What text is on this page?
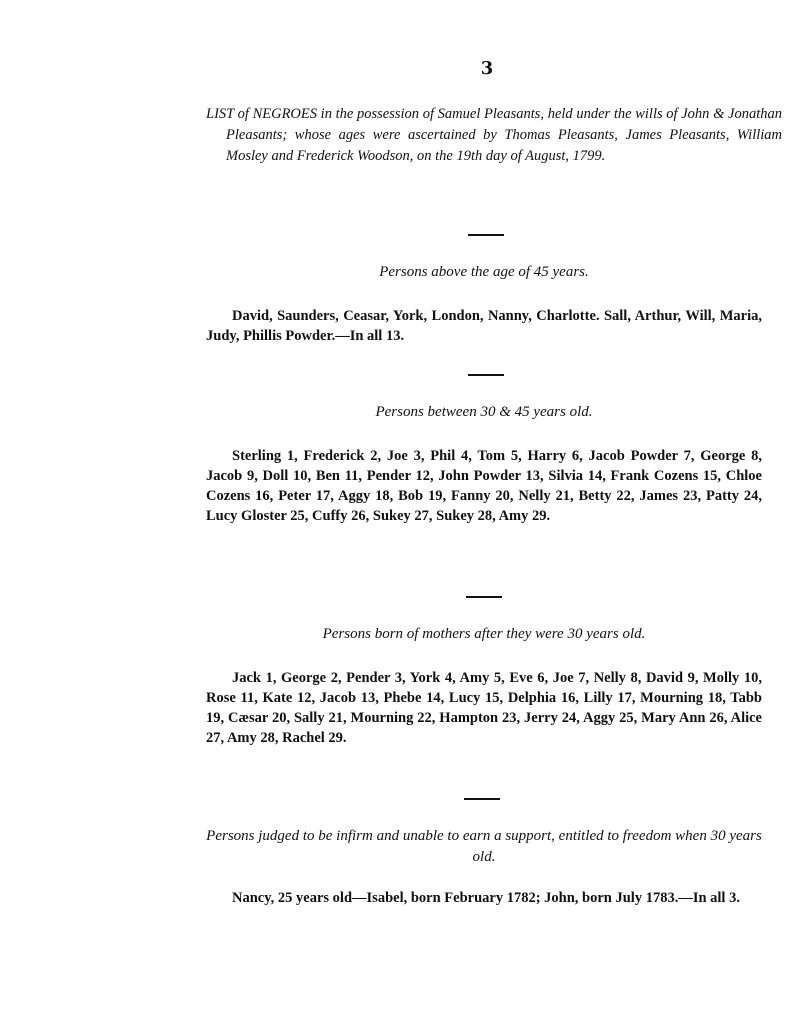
3
LIST of NEGROES in the possession of Samuel Pleasants, held under the wills of John & Jonathan Pleasants; whose ages were ascertained by Thomas Pleasants, James Pleasants, William Mosley and Frederick Woodson, on the 19th day of August, 1799.
Persons above the age of 45 years.
David, Saunders, Ceasar, York, London, Nanny, Charlotte. Sall, Arthur, Will, Maria, Judy, Phillis Powder.—In all 13.
Persons between 30 & 45 years old.
Sterling 1, Frederick 2, Joe 3, Phil 4, Tom 5, Harry 6, Jacob Powder 7, George 8, Jacob 9, Doll 10, Ben 11, Pender 12, John Powder 13, Silvia 14, Frank Cozens 15, Chloe Cozens 16, Peter 17, Aggy 18, Bob 19, Fanny 20, Nelly 21, Betty 22, James 23, Patty 24, Lucy Gloster 25, Cuffy 26, Sukey 27, Sukey 28, Amy 29.
Persons born of mothers after they were 30 years old.
Jack 1, George 2, Pender 3, York 4, Amy 5, Eve 6, Joe 7, Nelly 8, David 9, Molly 10, Rose 11, Kate 12, Jacob 13, Phebe 14, Lucy 15, Delphia 16, Lilly 17, Mourning 18, Tabb 19, Cæsar 20, Sally 21, Mourning 22, Hampton 23, Jerry 24, Aggy 25, Mary Ann 26, Alice 27, Amy 28, Rachel 29.
Persons judged to be infirm and unable to earn a support, entitled to freedom when 30 years old.
Nancy, 25 years old—Isabel, born February 1782; John, born July 1783.—In all 3.
